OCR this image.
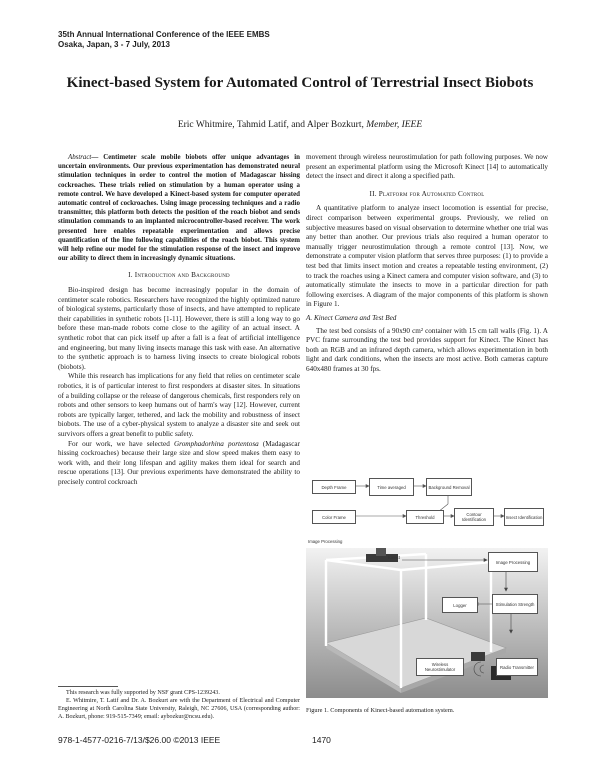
35th Annual International Conference of the IEEE EMBS
Osaka, Japan, 3 - 7 July, 2013
Kinect-based System for Automated Control of Terrestrial Insect Biobots
Eric Whitmire, Tahmid Latif, and Alper Bozkurt, Member, IEEE

Abstract— Centimeter scale mobile biobots offer unique advantages in uncertain environments. Our previous experimentation has demonstrated neural stimulation techniques in order to control the motion of Madagascar hissing cockroaches. These trials relied on stimulation by a human operator using a remote control. We have developed a Kinect-based system for computer operated automatic control of cockroaches. Using image processing techniques and a radio transmitter, this platform both detects the position of the roach biobot and sends stimulation commands to an implanted microcontroller-based receiver. The work presented here enables repeatable experimentation and allows precise quantification of the line following capabilities of the roach biobot. This system will help refine our model for the stimulation response of the insect and improve our ability to direct them in increasingly dynamic situations.

I. Introduction and Background

Bio-inspired design has become increasingly popular in the domain of centimeter scale robotics. Researchers have recognized the highly optimized nature of biological systems, particularly those of insects, and have attempted to replicate their capabilities in synthetic robots [1-11]. However, there is still a long way to go before these man-made robots come close to the agility of an actual insect. A synthetic robot that can pick itself up after a fall is a feat of artificial intelligence and engineering, but many living insects manage this task with ease. An alternative to the synthetic approach is to harness living insects to create biological robots (biobots).

While this research has implications for any field that relies on centimeter scale robotics, it is of particular interest to first responders at disaster sites. In situations of a building collapse or the release of dangerous chemicals, first responders rely on robots and other sensors to keep humans out of harm's way [12]. However, current robots are typically larger, tethered, and lack the mobility and robustness of insect biobots. The use of a cyber-physical system to analyze a disaster site and seek out survivors offers a great benefit to public safety.

For our work, we have selected Gromphadorhina portentosa (Madagascar hissing cockroaches) because their large size and slow speed makes them easy to work with, and their long lifespan and agility makes them ideal for search and rescue operations [13]. Our previous experiments have demonstrated the ability to precisely control cockroach

This research was fully supported by NSF grant CPS-1239243.

E. Whitmire, T. Latif and Dr. A. Bozkurt are with the Department of Electrical and Computer Engineering at North Carolina State University, Raleigh, NC 27606, USA (corresponding author: A. Bozkurt, phone: 919-515-7349; email: aybozkur@ncsu.edu).

movement through wireless neurostimulation for path following purposes. We now present an experimental platform using the Microsoft Kinect [14] to automatically detect the insect and direct it along a specified path.

II. Platform for Automated Control

A quantitative platform to analyze insect locomotion is essential for precise, direct comparison between experimental groups. Previously, we relied on subjective measures based on visual observation to determine whether one trial was any better than another. Our previous trials also required a human operator to manually trigger neurostimulation through a remote control [13]. Now, we demonstrate a computer vision platform that serves three purposes: (1) to provide a test bed that limits insect motion and creates a repeatable testing environment, (2) to track the roaches using a Kinect camera and computer vision software, and (3) to automatically stimulate the insects to move in a particular direction for path following exercises. A diagram of the major components of this platform is shown in Figure 1.

A. Kinect Camera and Test Bed

The test bed consists of a 90x90 cm² container with 15 cm tall walls (Fig. 1). A PVC frame surrounding the test bed provides support for Kinect. The Kinect has both an RGB and an infrared depth camera, which allows experimentation in both light and dark conditions, when the insects are most active. Both cameras capture 640x480 frames at 30 fps.

Depth Frame	Time averaged	Background Removal
Color Frame	Threshold	Contour Identification	Insect Identification
Image Processing
Kinect
Image Processing
Logger	Stimulation Strength
Wireless Neurostimulator	Radio Transmitter
Figure 1. Components of Kinect-based automation system.
978-1-4577-0216-7/13/$26.00 ©2013 IEEE	1470
